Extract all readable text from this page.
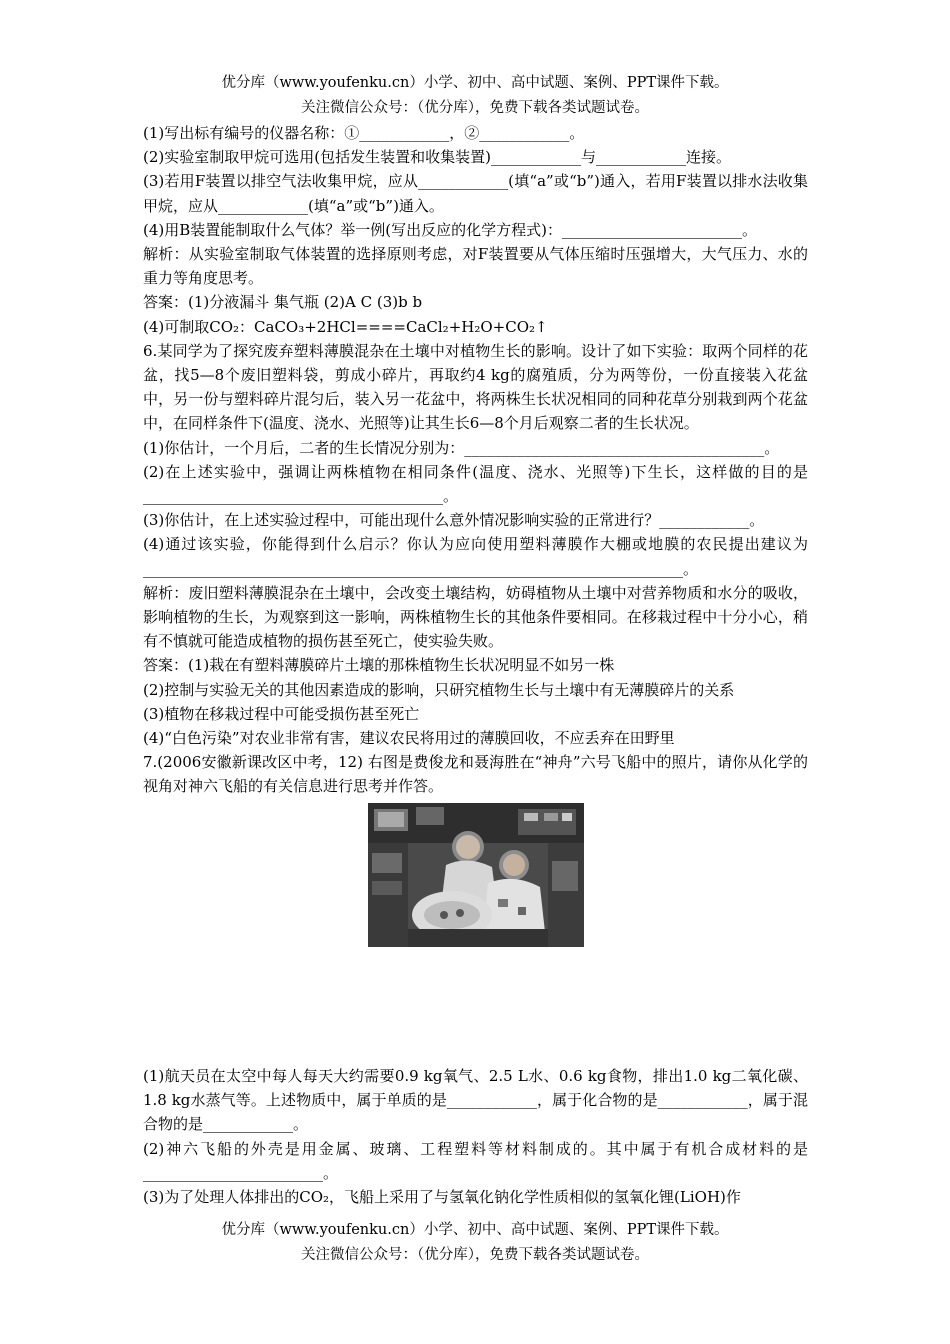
优分库（www.youfenku.cn）小学、初中、高中试题、案例、PPT课件下载。
关注微信公众号：（优分库），免费下载各类试题试卷。

(1)写出标有编号的仪器名称：①____________，②____________。

(2)实验室制取甲烷可选用(包括发生装置和收集装置)____________与____________连接。

(3)若用F装置以排空气法收集甲烷，应从____________(填“a”或“b”)通入，若用F装置以排水法收集甲烷，应从____________(填“a”或“b”)通入。

(4)用B装置能制取什么气体？举一例(写出反应的化学方程式)：________________________。

解析：从实验室制取气体装置的选择原则考虑，对F装置要从气体压缩时压强增大，大气压力、水的重力等角度思考。

答案：(1)分液漏斗 集气瓶 (2)A C (3)b b

(4)可制取CO₂：CaCO₃+2HCl====CaCl₂+H₂O+CO₂↑

6.某同学为了探究废弃塑料薄膜混杂在土壤中对植物生长的影响。设计了如下实验：取两个同样的花盆，找5—8个废旧塑料袋，剪成小碎片，再取约4 kg的腐殖质，分为两等份，一份直接装入花盆中，另一份与塑料碎片混匀后，装入另一花盆中，将两株生长状况相同的同种花草分别栽到两个花盆中，在同样条件下(温度、浇水、光照等)让其生长6—8个月后观察二者的生长状况。

(1)你估计，一个月后，二者的生长情况分别为：________________________________________。

(2)在上述实验中，强调让两株植物在相同条件(温度、浇水、光照等)下生长，这样做的目的是________________________________________。

(3)你估计，在上述实验过程中，可能出现什么意外情况影响实验的正常进行？____________。

(4)通过该实验，你能得到什么启示？你认为应向使用塑料薄膜作大棚或地膜的农民提出建议为________________________________________________________________________。

解析：废旧塑料薄膜混杂在土壤中，会改变土壤结构，妨碍植物从土壤中对营养物质和水分的吸收，影响植物的生长，为观察到这一影响，两株植物生长的其他条件要相同。在移栽过程中十分小心，稍有不慎就可能造成植物的损伤甚至死亡，使实验失败。

答案：(1)栽在有塑料薄膜碎片土壤的那株植物生长状况明显不如另一株

(2)控制与实验无关的其他因素造成的影响，只研究植物生长与土壤中有无薄膜碎片的关系

(3)植物在移栽过程中可能受损伤甚至死亡

(4)“白色污染”对农业非常有害，建议农民将用过的薄膜回收，不应丢弃在田野里

7.(2006安徽新课改区中考，12) 右图是费俊龙和聂海胜在“神舟”六号飞船中的照片，请你从化学的视角对神六飞船的有关信息进行思考并作答。

(1)航天员在太空中每人每天大约需要0.9 kg氧气、2.5 L水、0.6 kg食物，排出1.0 kg二氧化碳、1.8 kg水蒸气等。上述物质中，属于单质的是____________，属于化合物的是____________，属于混合物的是____________。

(2)神六飞船的外壳是用金属、玻璃、工程塑料等材料制成的。其中属于有机合成材料的是________________________。

(3)为了处理人体排出的CO₂，飞船上采用了与氢氧化钠化学性质相似的氢氧化锂(LiOH)作

优分库（www.youfenku.cn）小学、初中、高中试题、案例、PPT课件下载。
关注微信公众号：（优分库），免费下载各类试题试卷。
